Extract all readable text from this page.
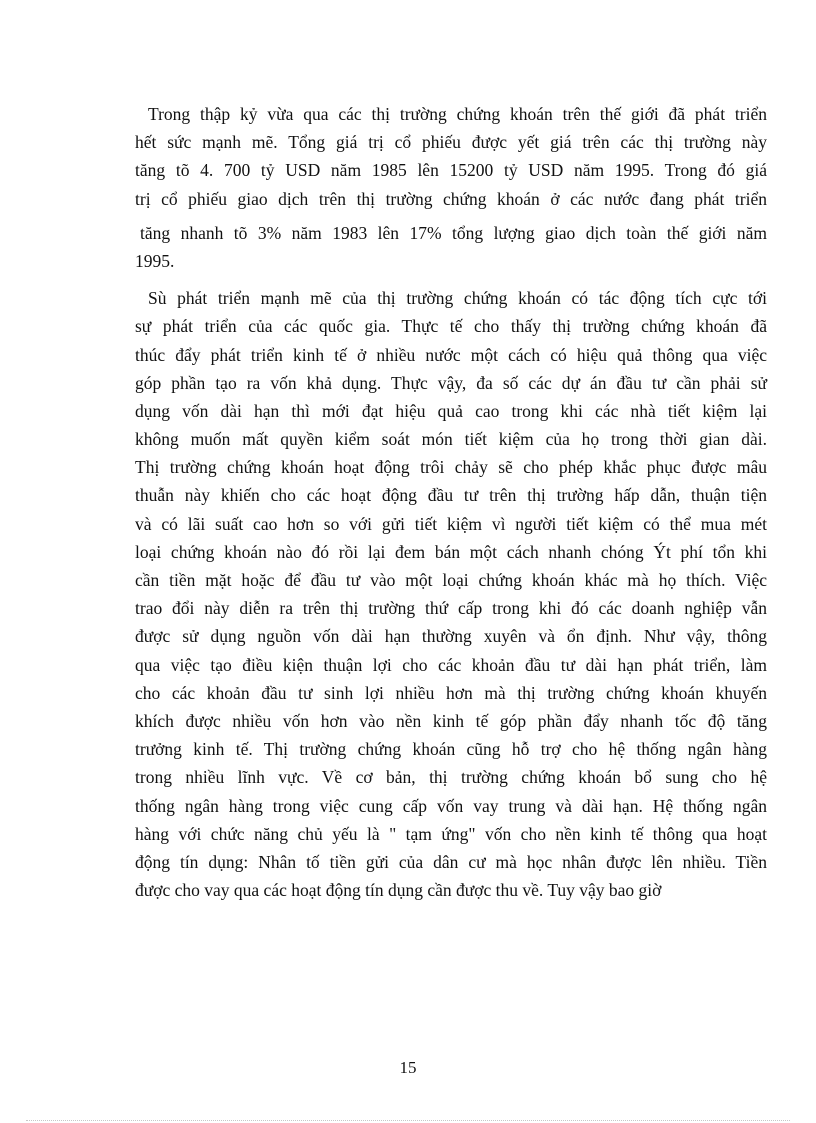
Trong thập kỷ vừa qua các thị trường chứng khoán trên thế giới đã phát triển
hết sức mạnh mẽ. Tổng giá trị cổ phiếu được yết giá trên các thị trường này
tăng tõ 4. 700 tỷ USD năm 1985 lên 15200 tỷ USD năm 1995. Trong đó giá
trị cổ phiếu giao dịch trên thị trường chứng khoán ở các nước đang phát triển
tăng nhanh tõ 3% năm 1983 lên 17% tổng lượng giao dịch toàn thế giới năm
1995.
Sù phát triển mạnh mẽ của thị trường chứng khoán có tác động tích cực tới
sự phát triển của các quốc gia. Thực tế cho thấy thị trường chứng khoán đã
thúc đẩy phát triển kinh tế ở nhiều nước một cách có hiệu quả thông qua việc
góp phần tạo ra vốn khả dụng. Thực vậy, đa số các dự án đầu tư cần phải sử
dụng vốn dài hạn thì mới đạt hiệu quả cao trong khi các nhà tiết kiệm lại
không muốn mất quyền kiểm soát món tiết kiệm của họ trong thời gian dài.
Thị trường chứng khoán hoạt động trôi chảy sẽ cho phép khắc phục được mâu
thuẫn này khiến cho các hoạt động đầu tư trên thị trường hấp dẫn, thuận tiện
và có lãi suất cao hơn so với gửi tiết kiệm vì người tiết kiệm có thể mua mét
loại chứng khoán nào đó rồi lại đem bán một cách nhanh chóng Ýt phí tổn khi
cần tiền mặt hoặc để đầu tư vào một loại chứng khoán khác mà họ thích. Việc
trao đổi này diễn ra trên thị trường thứ cấp trong khi đó các doanh nghiệp vẫn
được sử dụng nguồn vốn dài hạn thường xuyên và ổn định. Như vậy, thông
qua việc tạo điều kiện thuận lợi cho các khoản đầu tư dài hạn phát triển, làm
cho các khoản đầu tư sinh lợi nhiều hơn mà thị trường chứng khoán khuyến
khích được nhiều vốn hơn vào nền kinh tế góp phần đẩy nhanh tốc độ tăng
trưởng kinh tế. Thị trường chứng khoán cũng hỗ trợ cho hệ thống ngân hàng
trong nhiều lĩnh vực. Về cơ bản, thị trường chứng khoán bổ sung cho hệ
thống ngân hàng trong việc cung cấp vốn vay trung và dài hạn. Hệ thống ngân
hàng với chức năng chủ yếu là " tạm ứng" vốn cho nền kinh tế thông qua hoạt
động tín dụng: Nhân tố tiền gửi của dân cư mà học nhân được lên nhiều. Tiền
được cho vay qua các hoạt động tín dụng cần được thu về. Tuy vậy bao giờ
15
